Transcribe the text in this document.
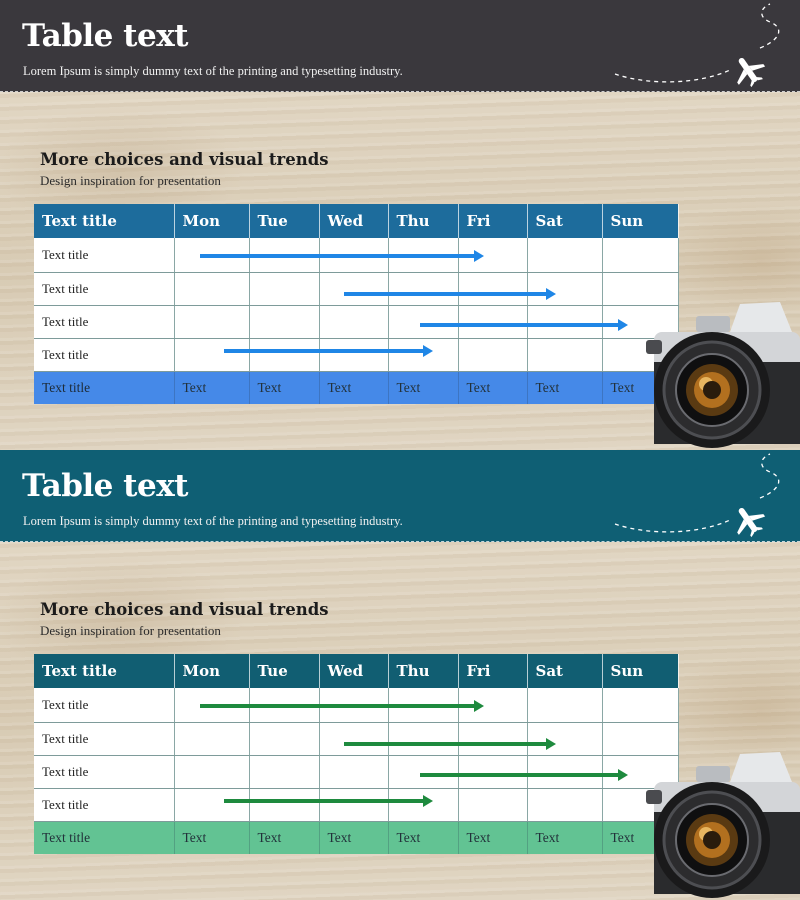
Table text
Lorem Ipsum is simply dummy text of the printing and typesetting industry.
More choices and visual trends
Design inspiration for presentation
Text title	Mon	Tue	Wed	Thu	Fri	Sat	Sun
Text title							
Text title							
Text title							
Text title							
Text title	Text	Text	Text	Text	Text	Text	Text
Table text
Lorem Ipsum is simply dummy text of the printing and typesetting industry.
More choices and visual trends
Design inspiration for presentation
Text title	Mon	Tue	Wed	Thu	Fri	Sat	Sun
Text title							
Text title							
Text title							
Text title							
Text title	Text	Text	Text	Text	Text	Text	Text
